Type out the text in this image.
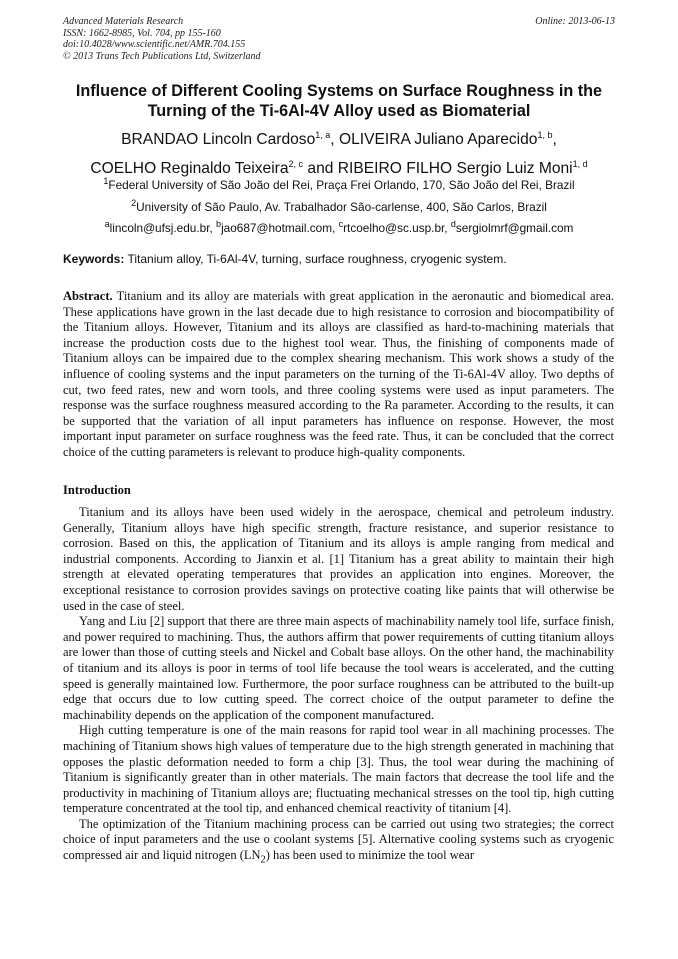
Advanced Materials Research
ISSN: 1662-8985, Vol. 704, pp 155-160
doi:10.4028/www.scientific.net/AMR.704.155
© 2013 Trans Tech Publications Ltd, Switzerland
Online: 2013-06-13
Influence of Different Cooling Systems on Surface Roughness in the Turning of the Ti-6Al-4V Alloy used as Biomaterial
BRANDAO Lincoln Cardoso$^{1, a}$, OLIVEIRA Juliano Aparecido$^{1, b}$,
COELHO Reginaldo Teixeira$^{2, c}$ and RIBEIRO FILHO Sergio Luiz Moni$^{1, d}$
$^1$Federal University of São João del Rei, Praça Frei Orlando, 170, São João del Rei, Brazil
$^2$University of São Paulo, Av. Trabalhador São-carlense, 400, São Carlos, Brazil
$^a$lincoln@ufsj.edu.br, $^b$jao687@hotmail.com, $^c$rtcoelho@sc.usp.br, $^d$sergiolmrf@gmail.com
Keywords: Titanium alloy, Ti-6Al-4V, turning, surface roughness, cryogenic system.

Abstract. Titanium and its alloy are materials with great application in the aeronautic and biomedical area. These applications have grown in the last decade due to high resistance to corrosion and biocompatibility of the Titanium alloys. However, Titanium and its alloys are classified as hard-to-machining materials that increase the production costs due to the highest tool wear. Thus, the finishing of components made of Titanium alloys can be impaired due to the complex shearing mechanism. This work shows a study of the influence of cooling systems and the input parameters on the turning of the Ti-6Al-4V alloy. Two depths of cut, two feed rates, new and worn tools, and three cooling systems were used as input parameters. The response was the surface roughness measured according to the Ra parameter. According to the results, it can be supported that the variation of all input parameters has influence on response. However, the most important input parameter on surface roughness was the feed rate. Thus, it can be concluded that the correct choice of the cutting parameters is relevant to produce high-quality components.

Introduction

Titanium and its alloys have been used widely in the aerospace, chemical and petroleum industry. Generally, Titanium alloys have high specific strength, fracture resistance, and superior resistance to corrosion. Based on this, the application of Titanium and its alloys is ample ranging from medical and industrial components. According to Jianxin et al. [1] Titanium has a great ability to maintain their high strength at elevated operating temperatures that provides an application into engines. Moreover, the exceptional resistance to corrosion provides savings on protective coating like paints that will otherwise be used in the case of steel.

Yang and Liu [2] support that there are three main aspects of machinability namely tool life, surface finish, and power required to machining. Thus, the authors affirm that power requirements of cutting titanium alloys are lower than those of cutting steels and Nickel and Cobalt base alloys. On the other hand, the machinability of titanium and its alloys is poor in terms of tool life because the tool wears is accelerated, and the cutting speed is generally maintained low. Furthermore, the poor surface roughness can be attributed to the built-up edge that occurs due to low cutting speed. The correct choice of the output parameter to define the machinability depends on the application of the component manufactured.

High cutting temperature is one of the main reasons for rapid tool wear in all machining processes. The machining of Titanium shows high values of temperature due to the high strength generated in machining that opposes the plastic deformation needed to form a chip [3]. Thus, the tool wear during the machining of Titanium is significantly greater than in other materials. The main factors that decrease the tool life and the productivity in machining of Titanium alloys are; fluctuating mechanical stresses on the tool tip, high cutting temperature concentrated at the tool tip, and enhanced chemical reactivity of titanium [4].

The optimization of the Titanium machining process can be carried out using two strategies; the correct choice of input parameters and the use o coolant systems [5]. Alternative cooling systems such as cryogenic compressed air and liquid nitrogen $(LN_2)$ has been used to minimize the tool wear
